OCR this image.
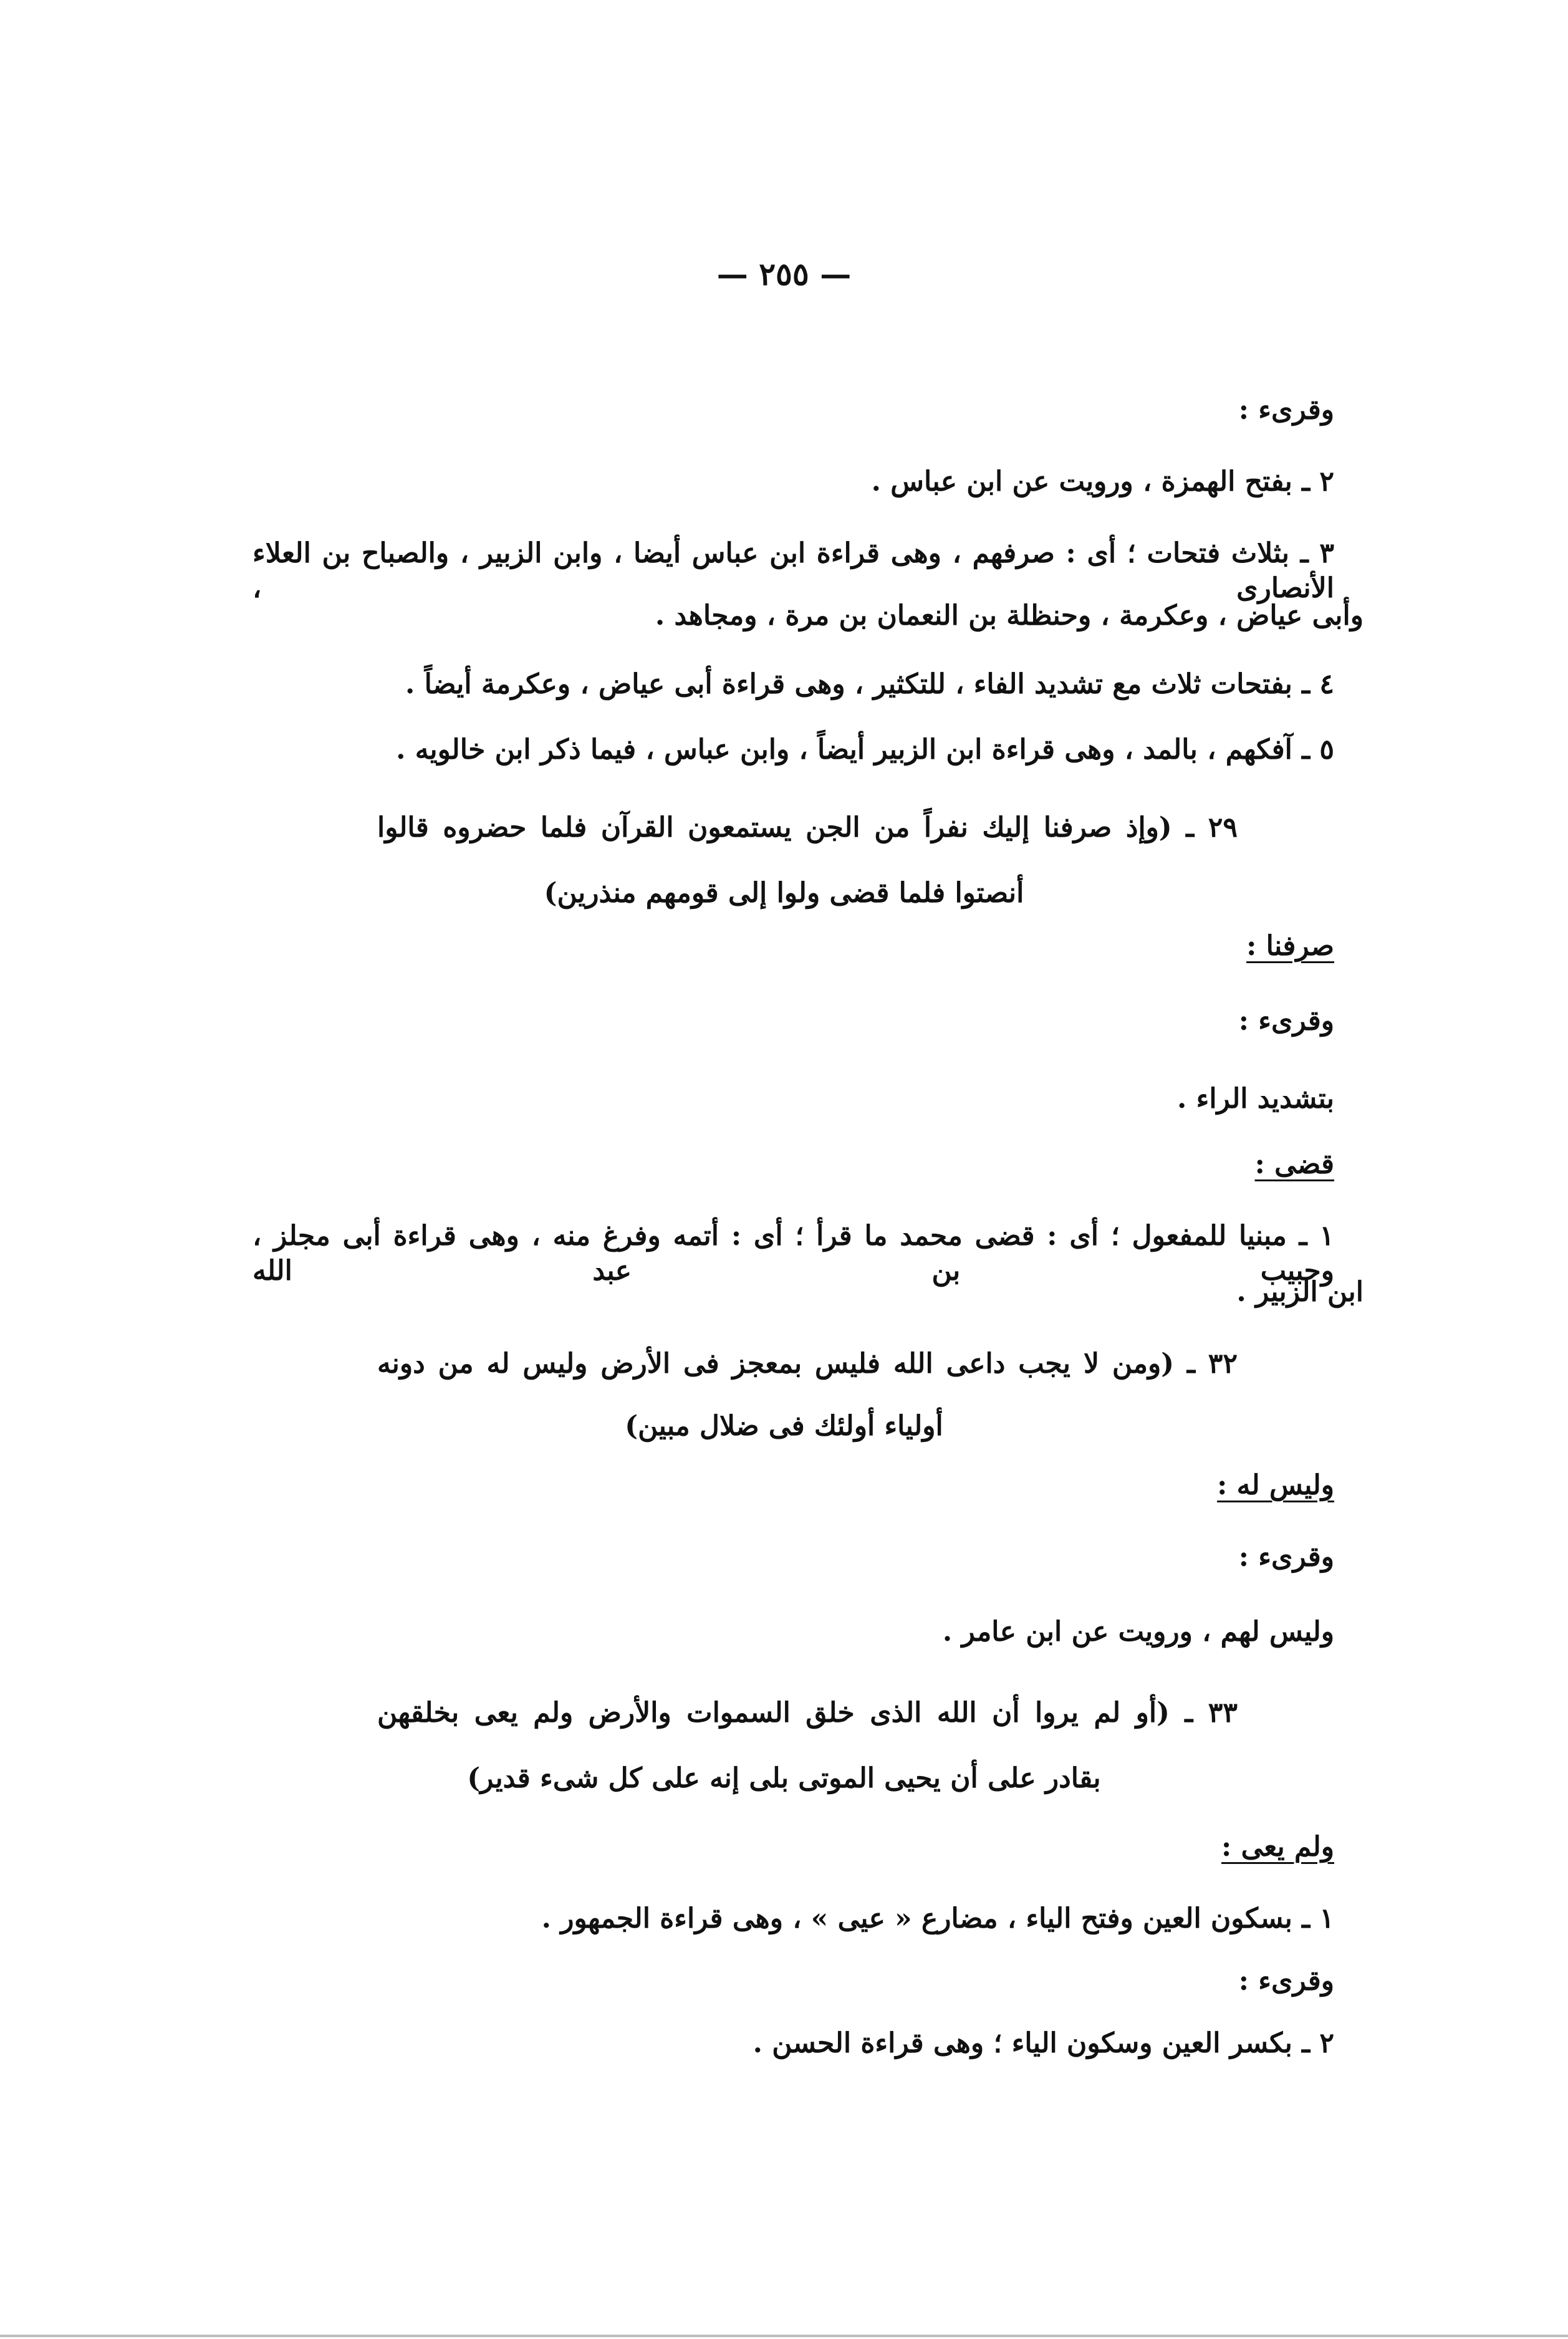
— ٢٥٥ —
وقرىء :
٢ ـ بفتح الهمزة ، ورويت عن ابن عباس .
٣ ـ بثلاث فتحات ؛ أى : صرفهم ، وهى قراءة ابن عباس أيضا ، وابن الزبير ، والصباح بن العلاء الأنصارى ،
وأبى عياض ، وعكرمة ، وحنظلة بن النعمان بن مرة ، ومجاهد .
٤ ـ بفتحات ثلاث مع تشديد الفاء ، للتكثير ، وهى قراءة أبى عياض ، وعكرمة أيضاً .
٥ ـ آفكهم ، بالمد ، وهى قراءة ابن الزبير أيضاً ، وابن عباس ، فيما ذكر ابن خالويه .
٢٩ ـ (وإذ صرفنا إليك نفراً من الجن يستمعون القرآن فلما حضروه قالوا
أنصتوا فلما قضى ولوا إلى قومهم منذرين)
صرفنا :
وقرىء :
بتشديد الراء .
قضى :
١ ـ مبنيا للمفعول ؛ أى : قضى محمد ما قرأ ؛ أى : أتمه وفرغ منه ، وهى قراءة أبى مجلز ، وحبيب بن عبد الله
ابن الزبير .
٣٢ ـ (ومن لا يجب داعى الله فليس بمعجز فى الأرض وليس له من دونه
أولياء أولئك فى ضلال مبين)
وليس له :
وقرىء :
وليس لهم ، ورويت عن ابن عامر .
٣٣ ـ (أو لم يروا أن الله الذى خلق السموات والأرض ولم يعى بخلقهن
بقادر على أن يحيى الموتى بلى إنه على كل شىء قدير)
ولم يعى :
١ ـ بسكون العين وفتح الياء ، مضارع « عيى » ، وهى قراءة الجمهور .
وقرىء :
٢ ـ بكسر العين وسكون الياء ؛ وهى قراءة الحسن .
